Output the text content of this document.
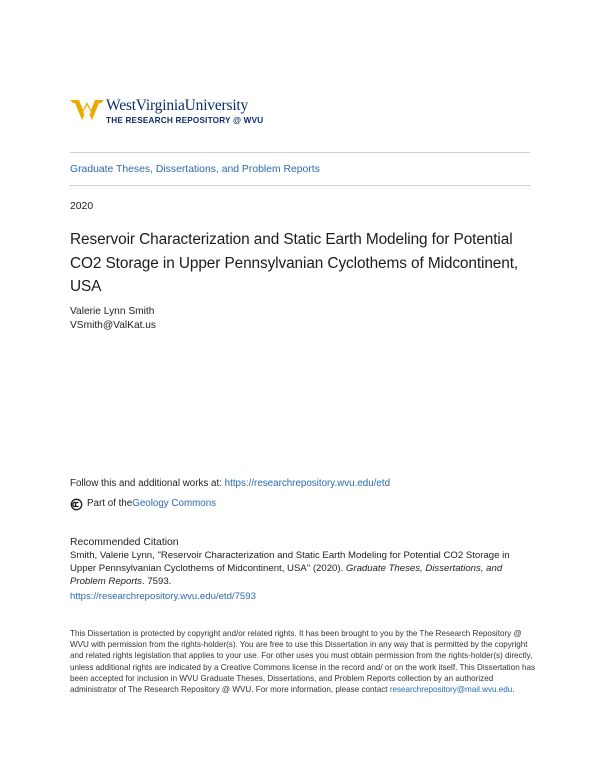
WestVirginiaUniversity
THE RESEARCH REPOSITORY @ WVU
Graduate Theses, Dissertations, and Problem Reports
2020
Reservoir Characterization and Static Earth Modeling for Potential CO2 Storage in Upper Pennsylvanian Cyclothems of Midcontinent, USA
Valerie Lynn Smith
VSmith@ValKat.us
Follow this and additional works at: https://researchrepository.wvu.edu/etd
Part of the Geology Commons
Recommended Citation
Smith, Valerie Lynn, "Reservoir Characterization and Static Earth Modeling for Potential CO2 Storage in Upper Pennsylvanian Cyclothems of Midcontinent, USA" (2020). Graduate Theses, Dissertations, and Problem Reports. 7593.
https://researchrepository.wvu.edu/etd/7593
This Dissertation is protected by copyright and/or related rights. It has been brought to you by the The Research Repository @ WVU with permission from the rights-holder(s). You are free to use this Dissertation in any way that is permitted by the copyright and related rights legislation that applies to your use. For other uses you must obtain permission from the rights-holder(s) directly, unless additional rights are indicated by a Creative Commons license in the record and/ or on the work itself. This Dissertation has been accepted for inclusion in WVU Graduate Theses, Dissertations, and Problem Reports collection by an authorized administrator of The Research Repository @ WVU. For more information, please contact researchrepository@mail.wvu.edu.
